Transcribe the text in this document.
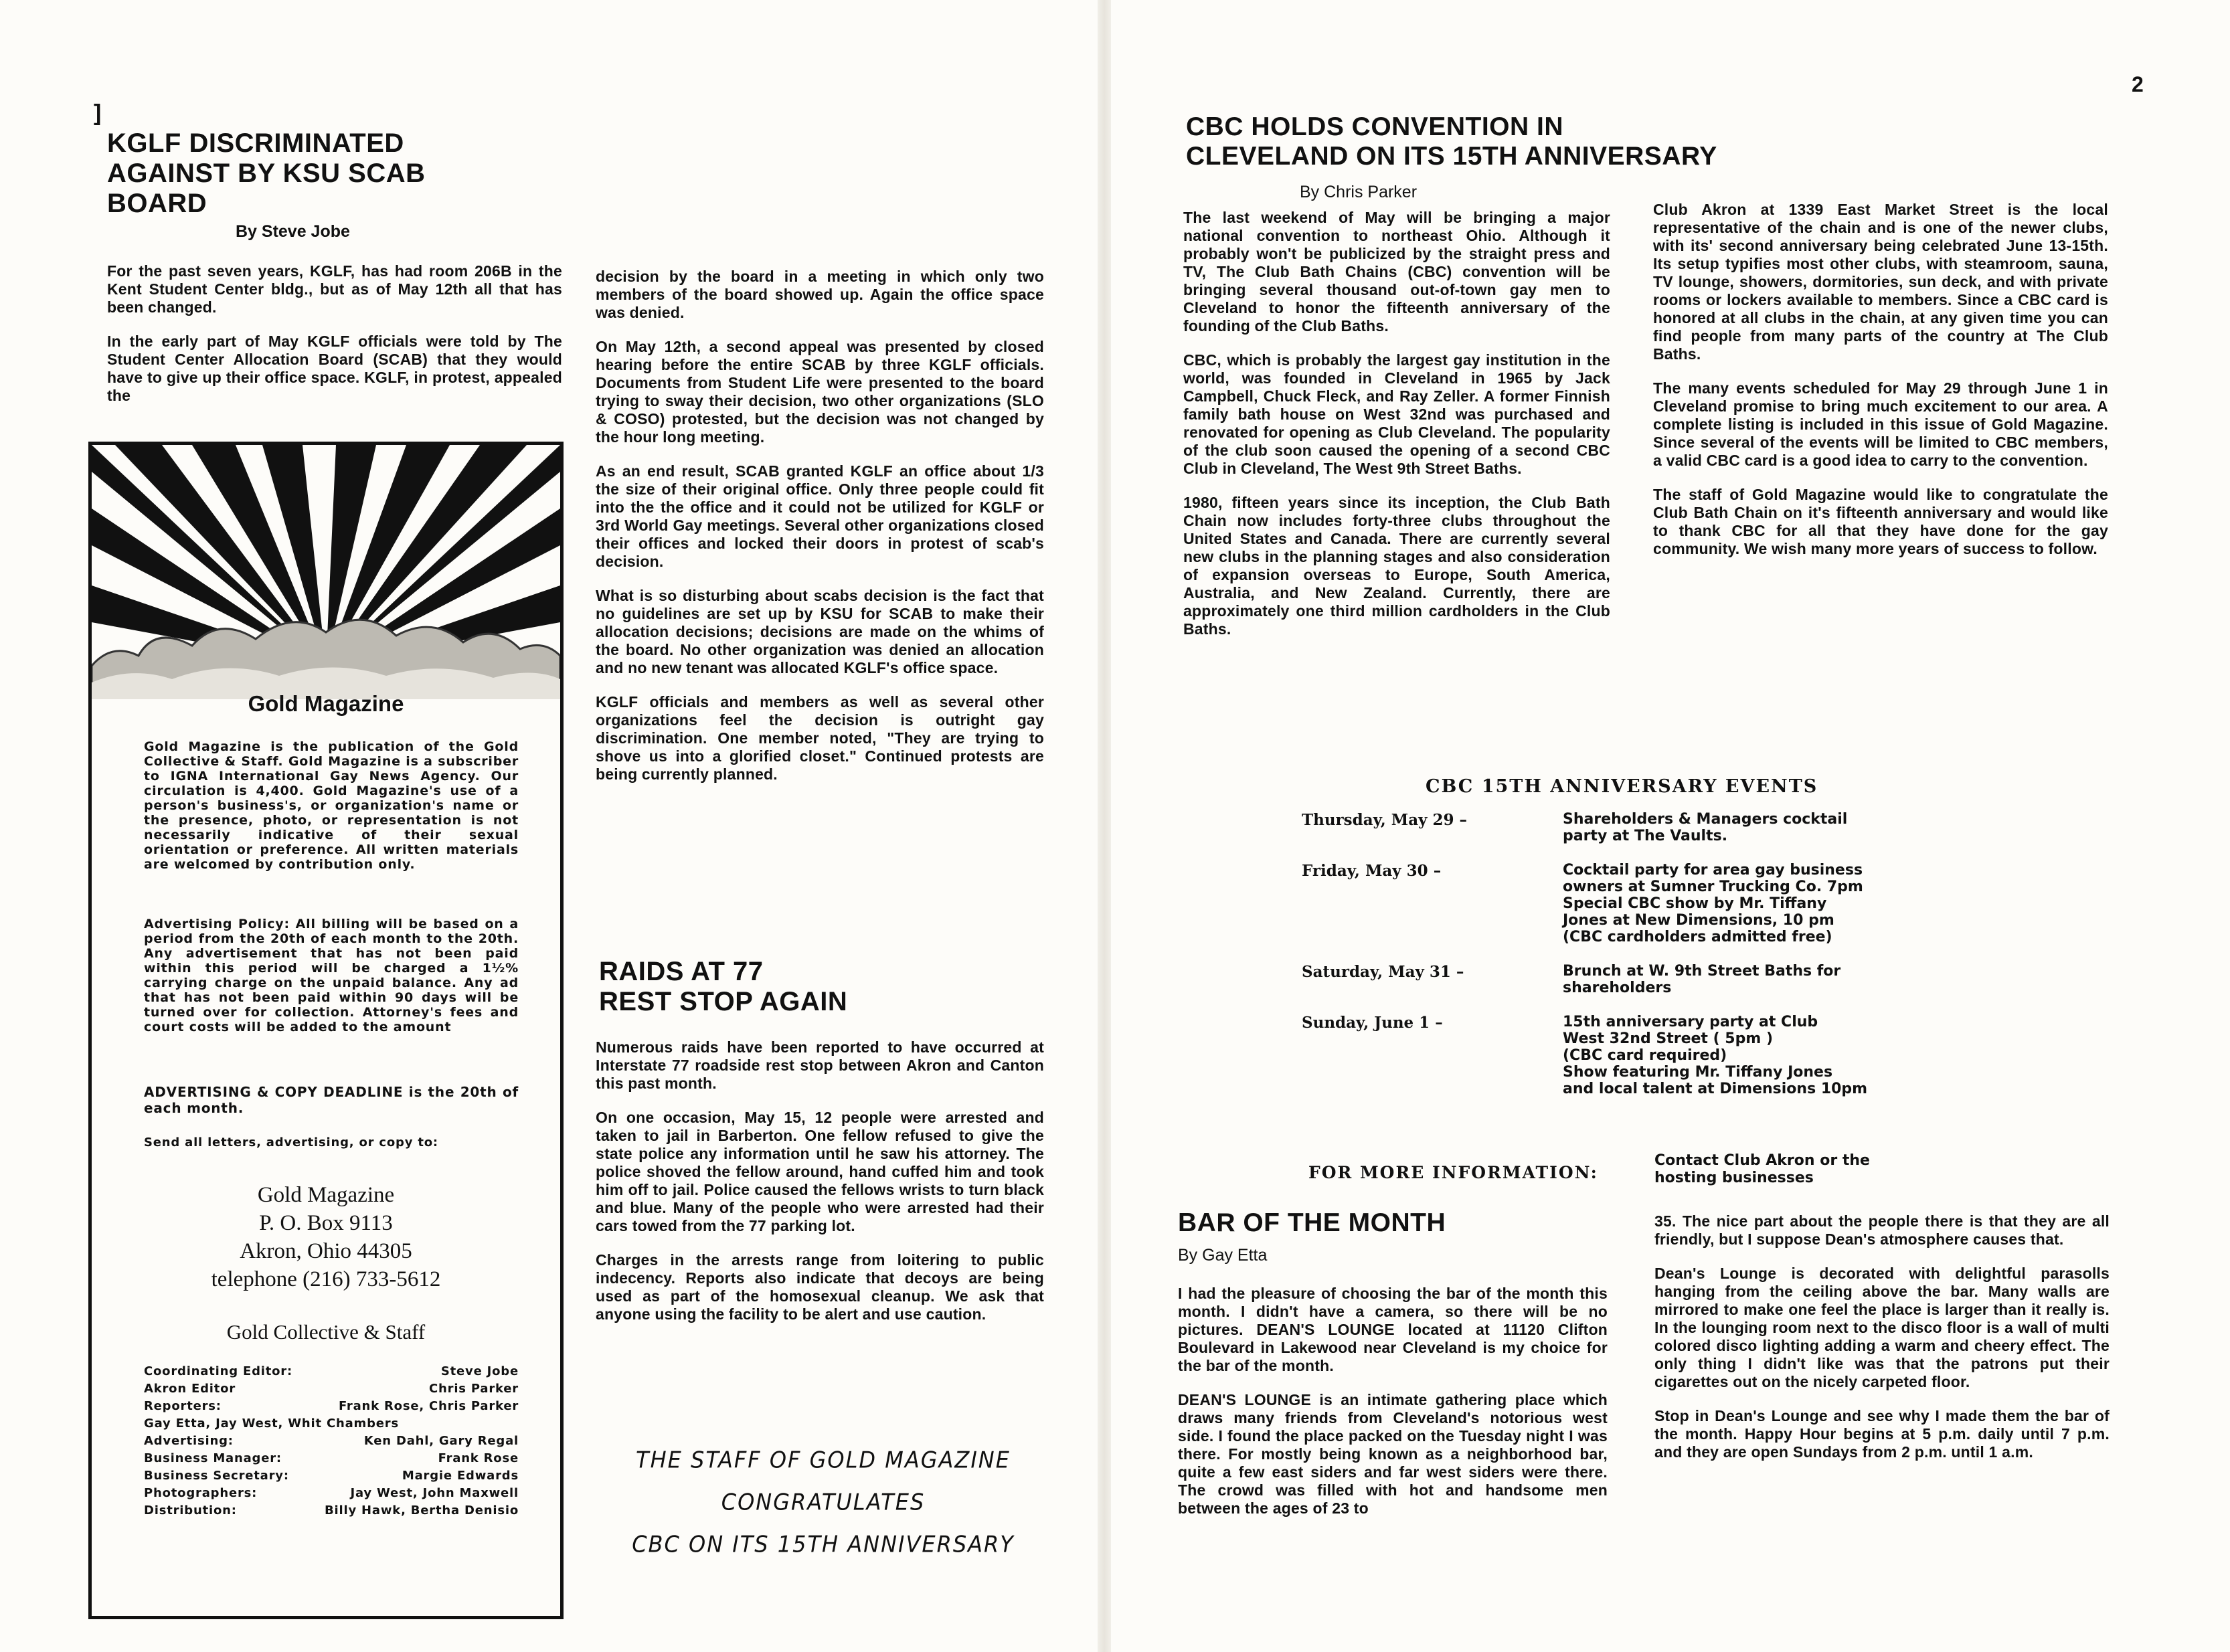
]
KGLF DISCRIMINATED
AGAINST BY KSU SCAB
BOARD
By Steve Jobe

For the past seven years, KGLF, has had room 206B in the Kent Student Center bldg., but as of May 12th all that has been changed.

In the early part of May KGLF officials were told by The Student Center Allocation Board (SCAB) that they would have to give up their office space. KGLF, in protest, appealed the

decision by the board in a meeting in which only two members of the board showed up. Again the office space was denied.

On May 12th, a second appeal was presented by closed hearing before the entire SCAB by three KGLF officials. Documents from Student Life were presented to the board trying to sway their decision, two other organizations (SLO & COSO) protested, but the decision was not changed by the hour long meeting.

As an end result, SCAB granted KGLF an office about 1/3 the size of their original office. Only three people could fit into the the office and it could not be utilized for KGLF or 3rd World Gay meetings. Several other organizations closed their offices and locked their doors in protest of scab's decision.

What is so disturbing about scabs decision is the fact that no guidelines are set up by KSU for SCAB to make their allocation decisions; decisions are made on the whims of the board. No other organization was denied an allocation and no new tenant was allocated KGLF's office space.

KGLF officials and members as well as several other organizations feel the decision is outright gay discrimination. One member noted, "They are trying to shove us into a glorified closet." Continued protests are being currently planned.

RAIDS AT 77
REST STOP AGAIN

Numerous raids have been reported to have occurred at Interstate 77 roadside rest stop between Akron and Canton this past month.

On one occasion, May 15, 12 people were arrested and taken to jail in Barberton. One fellow refused to give the state police any information until he saw his attorney. The police shoved the fellow around, hand cuffed him and took him off to jail. Police caused the fellows wrists to turn black and blue. Many of the people who were arrested had their cars towed from the 77 parking lot.

Charges in the arrests range from loitering to public indecency. Reports also indicate that decoys are being used as part of the homosexual cleanup. We ask that anyone using the facility to be alert and use caution.

THE STAFF OF GOLD MAGAZINE
CONGRATULATES
CBC ON ITS 15TH ANNIVERSARY
Gold Magazine
Gold Magazine is the publication of the Gold Collective & Staff. Gold Magazine is a subscriber to IGNA International Gay News Agency. Our circulation is 4,400. Gold Magazine's use of a person's business's, or organization's name or the presence, photo, or representation is not necessarily indicative of their sexual orientation or preference. All written materials are welcomed by contribution only.
Advertising Policy: All billing will be based on a period from the 20th of each month to the 20th. Any advertisement that has not been paid within this period will be charged a 1½% carrying charge on the unpaid balance. Any ad that has not been paid within 90 days will be turned over for collection. Attorney's fees and court costs will be added to the amount
ADVERTISING & COPY DEADLINE is the 20th of each month.
Send all letters, advertising, or copy to:
Gold Magazine
P. O. Box 9113
Akron, Ohio 44305
telephone (216) 733-5612
Gold Collective & Staff
Coordinating Editor:	Steve Jobe
Akron Editor	Chris Parker
Reporters:	Frank Rose, Chris Parker
Gay Etta, Jay West, Whit Chambers
Advertising:	Ken Dahl, Gary Regal
Business Manager:	Frank Rose
Business Secretary:	Margie Edwards
Photographers:	Jay West, John Maxwell
Distribution:	Billy Hawk, Bertha Denisio
2
CBC HOLDS CONVENTION IN
CLEVELAND ON ITS 15TH ANNIVERSARY
By Chris Parker

The last weekend of May will be bringing a major national convention to northeast Ohio. Although it probably won't be publicized by the straight press and TV, The Club Bath Chains (CBC) convention will be bringing several thousand out-of-town gay men to Cleveland to honor the fifteenth anniversary of the founding of the Club Baths.

CBC, which is probably the largest gay institution in the world, was founded in Cleveland in 1965 by Jack Campbell, Chuck Fleck, and Ray Zeller. A former Finnish family bath house on West 32nd was purchased and renovated for opening as Club Cleveland. The popularity of the club soon caused the opening of a second CBC Club in Cleveland, The West 9th Street Baths.

1980, fifteen years since its inception, the Club Bath Chain now includes forty-three clubs throughout the United States and Canada. There are currently several new clubs in the planning stages and also consideration of expansion overseas to Europe, South America, Australia, and New Zealand. Currently, there are approximately one third million cardholders in the Club Baths.

Club Akron at 1339 East Market Street is the local representative of the chain and is one of the newer clubs, with its' second anniversary being celebrated June 13-15th. Its setup typifies most other clubs, with steamroom, sauna, TV lounge, showers, dormitories, sun deck, and with private rooms or lockers available to members. Since a CBC card is honored at all clubs in the chain, at any given time you can find people from many parts of the country at The Club Baths.

The many events scheduled for May 29 through June 1 in Cleveland promise to bring much excitement to our area. A complete listing is included in this issue of Gold Magazine. Since several of the events will be limited to CBC members, a valid CBC card is a good idea to carry to the convention.

The staff of Gold Magazine would like to congratulate the Club Bath Chain on it's fifteenth anniversary and would like to thank CBC for all that they have done for the gay community. We wish many more years of success to follow.

CBC 15TH ANNIVERSARY EVENTS
Thursday, May 29 –	Shareholders & Managers cocktail
party at The Vaults.
Friday, May 30 –	Cocktail party for area gay business
owners at Sumner Trucking Co. 7pm
Special CBC show by Mr. Tiffany
Jones at New Dimensions, 10 pm
(CBC cardholders admitted free)
Saturday, May 31 –	Brunch at W. 9th Street Baths for
shareholders
Sunday, June 1 –	15th anniversary party at Club
West 32nd Street ( 5pm )
(CBC card required)
Show featuring Mr. Tiffany Jones
and local talent at Dimensions 10pm
FOR MORE INFORMATION:
Contact Club Akron or the
hosting businesses
BAR OF THE MONTH
By Gay Etta

I had the pleasure of choosing the bar of the month this month. I didn't have a camera, so there will be no pictures. DEAN'S LOUNGE located at 11120 Clifton Boulevard in Lakewood near Cleveland is my choice for the bar of the month.

DEAN'S LOUNGE is an intimate gathering place which draws many friends from Cleveland's notorious west side. I found the place packed on the Tuesday night I was there. For mostly being known as a neighborhood bar, quite a few east siders and far west siders were there. The crowd was filled with hot and handsome men between the ages of 23 to

35. The nice part about the people there is that they are all friendly, but I suppose Dean's atmosphere causes that.

Dean's Lounge is decorated with delightful parasolls hanging from the ceiling above the bar. Many walls are mirrored to make one feel the place is larger than it really is. In the lounging room next to the disco floor is a wall of multi colored disco lighting adding a warm and cheery effect. The only thing I didn't like was that the patrons put their cigarettes out on the nicely carpeted floor.

Stop in Dean's Lounge and see why I made them the bar of the month. Happy Hour begins at 5 p.m. daily until 7 p.m. and they are open Sundays from 2 p.m. until 1 a.m.
